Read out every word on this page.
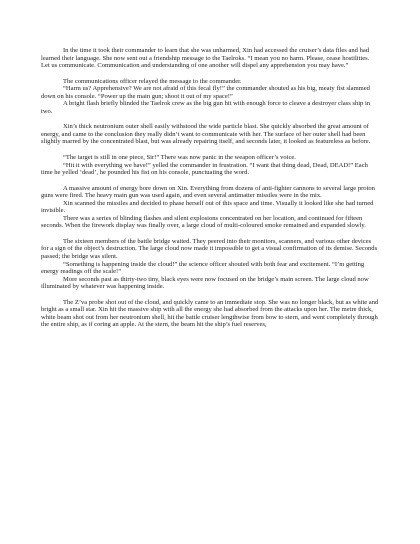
In the time it took their commander to learn that she was unharmed, Xin had accessed the cruiser’s data files and had learned their language. She now sent out a friendship message to the Taelroks. “I mean you no harm. Please, cease hostilities. Let us communicate. Communication and understanding of one another will dispel any apprehension you may have.”

The communications officer relayed the message to the commander.

“Harm us? Apprehensive? We are not afraid of this fecal fly!” the commander shouted as his big, meaty fist slammed down on his console. “Power up the main gun; shoot it out of my space!”

A bright flash briefly blinded the Taelrok crew as the big gun hit with enough force to cleave a destroyer class ship in two.

Xin’s thick neutronium outer shell easily withstood the wide particle blast. She quickly absorbed the great amount of energy, and came to the conclusion they really didn’t want to communicate with her. The surface of her outer shell had been slightly marred by the concentrated blast, but was already repairing itself, and seconds later, it looked as featureless as before.

“The target is still in one piece, Sir!” There was now panic in the weapon officer’s voice.

“Hit it with everything we have!” yelled the commander in frustration. “I want that thing dead, Dead, DEAD!” Each time he yelled ‘dead’, he pounded his fist on his console, punctuating the word.

A massive amount of energy bore down on Xin. Everything from dozens of anti-fighter cannons to several large proton guns were fired. The heavy main gun was used again, and even several antimatter missiles were in the mix.

Xin scanned the missiles and decided to phase herself out of this space and time. Visually it looked like she had turned invisible.

There was a series of blinding flashes and silent explosions concentrated on her location, and continued for fifteen seconds. When the firework display was finally over, a large cloud of multi-coloured smoke remained and expanded slowly.

The sixteen members of the battle bridge waited. They peered into their monitors, scanners, and various other devices for a sign of the object’s destruction. The large cloud now made it impossible to get a visual confirmation of its demise. Seconds passed; the bridge was silent.

“Something is happening inside the cloud!” the science officer shouted with both fear and excitement. “I’m getting energy readings off the scale!”

More seconds past as thirty-two tiny, black eyes were now focused on the bridge’s main screen. The large cloud now illuminated by whatever was happening inside.

The Z’va probe shot out of the cloud, and quickly came to an immediate stop. She was no longer black, but as white and bright as a small star. Xin hit the massive ship with all the energy she had absorbed from the attacks upon her. The metre thick, white beam shot out from her neutronium shell, hit the battle cruiser lengthwise from bow to stern, and went completely through the entire ship, as if coring an apple. At the stern, the beam hit the ship’s fuel reserves,
